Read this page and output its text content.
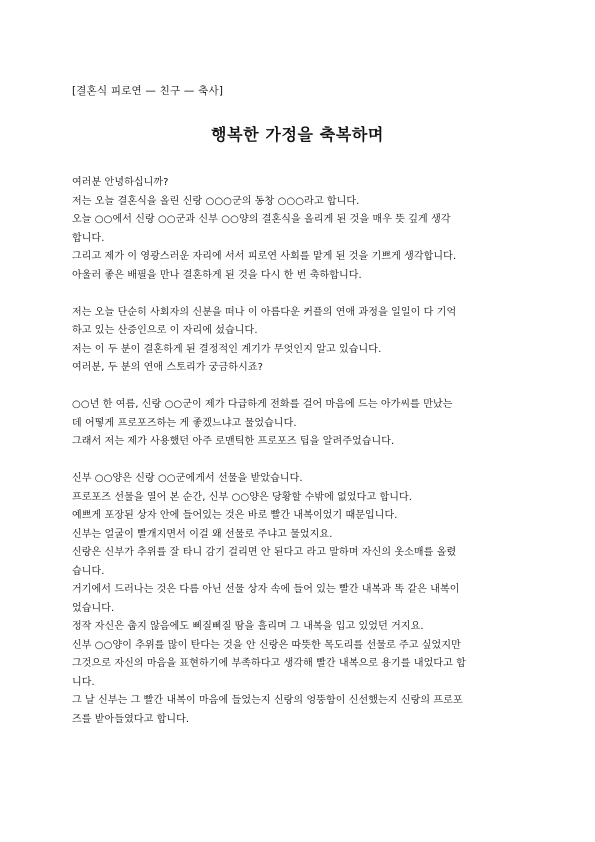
[결혼식 피로연 — 친구 — 축사]
행복한 가정을 축복하며
여러분 안녕하십니까?
저는 오늘 결혼식을 올린 신랑 ○○○군의 동창 ○○○라고 합니다.
오늘 ○○에서 신랑 ○○군과 신부 ○○양의 결혼식을 올리게 된 것을 매우 뜻 깊게 생각
합니다.
그리고 제가 이 영광스러운 자리에 서서 피로연 사회를 맡게 된 것을 기쁘게 생각합니다.
아울러 좋은 배필을 만나 결혼하게 된 것을 다시 한 번 축하합니다.
저는 오늘 단순히 사회자의 신분을 떠나 이 아름다운 커플의 연애 과정을 일일이 다 기억
하고 있는 산증인으로 이 자리에 섰습니다.
저는 이 두 분이 결혼하게 된 결정적인 계기가 무엇인지 알고 있습니다.
여러분, 두 분의 연애 스토리가 궁금하시죠?
○○년 한 여름, 신랑 ○○군이 제가 다급하게 전화를 걸어 마음에 드는 아가씨를 만났는
데 어떻게 프로포즈하는 게 좋겠느냐고 물었습니다.
그래서 저는 제가 사용했던 아주 로맨틱한 프로포즈 팁을 알려주었습니다.
신부 ○○양은 신랑 ○○군에게서 선물을 받았습니다.
프로포즈 선물을 열어 본 순간, 신부 ○○양은 당황할 수밖에 없었다고 합니다.
예쁘게 포장된 상자 안에 들어있는 것은 바로 빨간 내복이었기 때문입니다.
신부는 얼굴이 빨개지면서 이걸 왜 선물로 주냐고 물었지요.
신랑은 신부가 추위를 잘 타니 감기 걸리면 안 된다고 라고 말하며 자신의 옷소매를 올렸
습니다.
거기에서 드러나는 것은 다름 아닌 선물 상자 속에 들어 있는 빨간 내복과 똑 같은 내복이
었습니다.
정작 자신은 춥지 않음에도 삐질삐질 땀을 흘리며 그 내복을 입고 있었던 거지요.
신부 ○○양이 추위를 많이 탄다는 것을 안 신랑은 따뜻한 목도리를 선물로 주고 싶었지만
그것으로 자신의 마음을 표현하기에 부족하다고 생각해 빨간 내복으로 용기를 내었다고 합
니다.
그 날 신부는 그 빨간 내복이 마음에 들었는지 신랑의 엉뚱함이 신선했는지 신랑의 프로포
즈를 받아들였다고 합니다.
